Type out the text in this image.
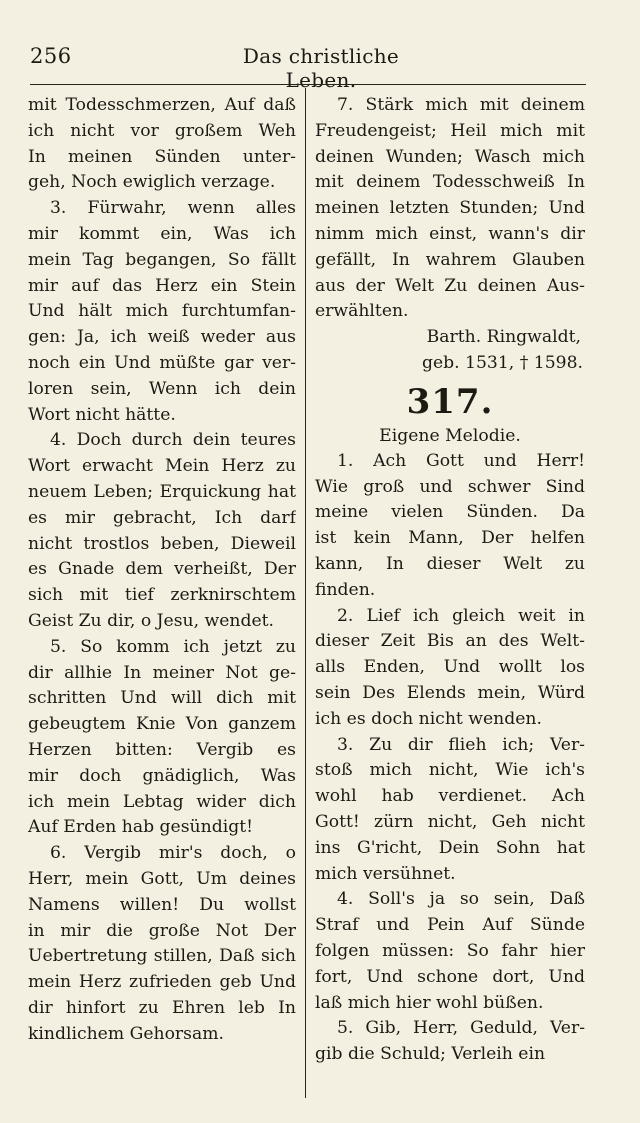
256	Das christliche Leben.
mit Todesschmerzen, Auf daß
ich nicht vor großem Weh
In meinen Sünden unter-
geh, Noch ewiglich verzage.
3. Fürwahr, wenn alles
mir kommt ein, Was ich
mein Tag begangen, So fällt
mir auf das Herz ein Stein
Und hält mich furchtumfan-
gen: Ja, ich weiß weder aus
noch ein Und müßte gar ver-
loren sein, Wenn ich dein
Wort nicht hätte.
4. Doch durch dein teures
Wort erwacht Mein Herz zu
neuem Leben; Erquickung hat
es mir gebracht, Ich darf
nicht trostlos beben, Dieweil
es Gnade dem verheißt, Der
sich mit tief zerknirschtem
Geist Zu dir, o Jesu, wendet.
5. So komm ich jetzt zu
dir allhie In meiner Not ge-
schritten Und will dich mit
gebeugtem Knie Von ganzem
Herzen bitten: Vergib es
mir doch gnädiglich, Was
ich mein Lebtag wider dich
Auf Erden hab gesündigt!
6. Vergib mir's doch, o
Herr, mein Gott, Um deines
Namens willen! Du wollst
in mir die große Not Der
Uebertretung stillen, Daß sich
mein Herz zufrieden geb Und
dir hinfort zu Ehren leb In
kindlichem Gehorsam.
7. Stärk mich mit deinem
Freudengeist; Heil mich mit
deinen Wunden; Wasch mich
mit deinem Todesschweiß In
meinen letzten Stunden; Und
nimm mich einst, wann's dir
gefällt, In wahrem Glauben
aus der Welt Zu deinen Aus-
erwählten.
Barth. Ringwaldt,
geb. 1531, † 1598.
317.
Eigene Melodie.
1. Ach Gott und Herr!
Wie groß und schwer Sind
meine vielen Sünden. Da
ist kein Mann, Der helfen
kann, In dieser Welt zu
finden.
2. Lief ich gleich weit in
dieser Zeit Bis an des Welt-
alls Enden, Und wollt los
sein Des Elends mein, Würd
ich es doch nicht wenden.
3. Zu dir flieh ich; Ver-
stoß mich nicht, Wie ich's
wohl hab verdienet. Ach
Gott! zürn nicht, Geh nicht
ins G'richt, Dein Sohn hat
mich versühnet.
4. Soll's ja so sein, Daß
Straf und Pein Auf Sünde
folgen müssen: So fahr hier
fort, Und schone dort, Und
laß mich hier wohl büßen.
5. Gib, Herr, Geduld, Ver-
gib die Schuld; Verleih ein
